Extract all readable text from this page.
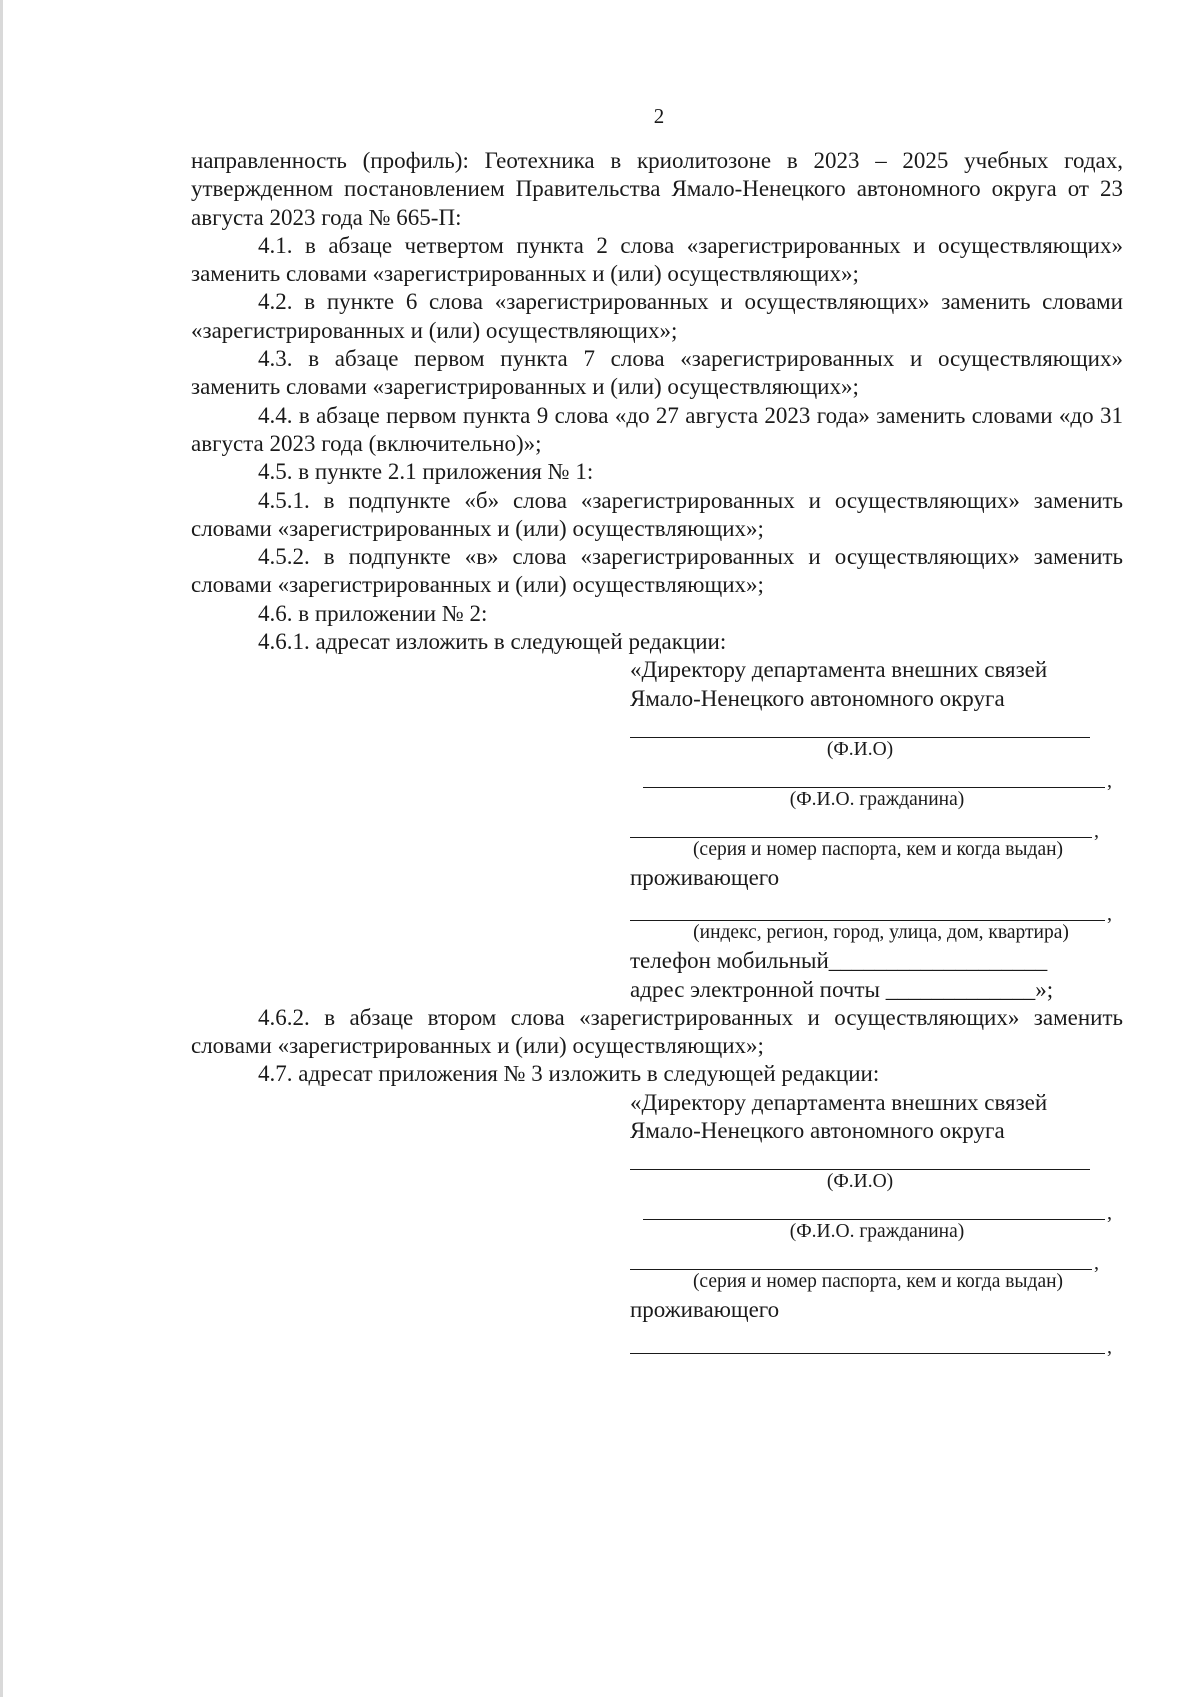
2

направленность (профиль): Геотехника в криолитозоне в 2023 – 2025 учебных годах, утвержденном постановлением Правительства Ямало-Ненецкого автономного округа от 23 августа 2023 года № 665-П:

4.1. в абзаце четвертом пункта 2 слова «зарегистрированных и осуществляющих» заменить словами «зарегистрированных и (или) осуществляющих»;

4.2. в пункте 6 слова «зарегистрированных и осуществляющих» заменить словами «зарегистрированных и (или) осуществляющих»;

4.3. в абзаце первом пункта 7 слова «зарегистрированных и осуществляющих» заменить словами «зарегистрированных и (или) осуществляющих»;

4.4. в абзаце первом пункта 9 слова «до 27 августа 2023 года» заменить словами «до 31 августа 2023 года (включительно)»;

4.5. в пункте 2.1 приложения № 1:

4.5.1. в подпункте «б» слова «зарегистрированных и осуществляющих» заменить словами «зарегистрированных и (или) осуществляющих»;

4.5.2. в подпункте «в» слова «зарегистрированных и осуществляющих» заменить словами «зарегистрированных и (или) осуществляющих»;

4.6. в приложении № 2:

4.6.1. адресат изложить в следующей редакции:

«Директору департамента внешних связей

Ямало-Ненецкого автономного округа

(Ф.И.О)

,

(Ф.И.О. гражданина)

,

(серия и номер паспорта, кем и когда выдан)

проживающего

,

(индекс, регион, город, улица, дом, квартира)

телефон мобильный___________________

адрес электронной почты _____________»;

4.6.2. в абзаце втором слова «зарегистрированных и осуществляющих» заменить словами «зарегистрированных и (или) осуществляющих»;

4.7. адресат приложения № 3 изложить в следующей редакции:

«Директору департамента внешних связей

Ямало-Ненецкого автономного округа

(Ф.И.О)

,

(Ф.И.О. гражданина)

,

(серия и номер паспорта, кем и когда выдан)

проживающего

,
